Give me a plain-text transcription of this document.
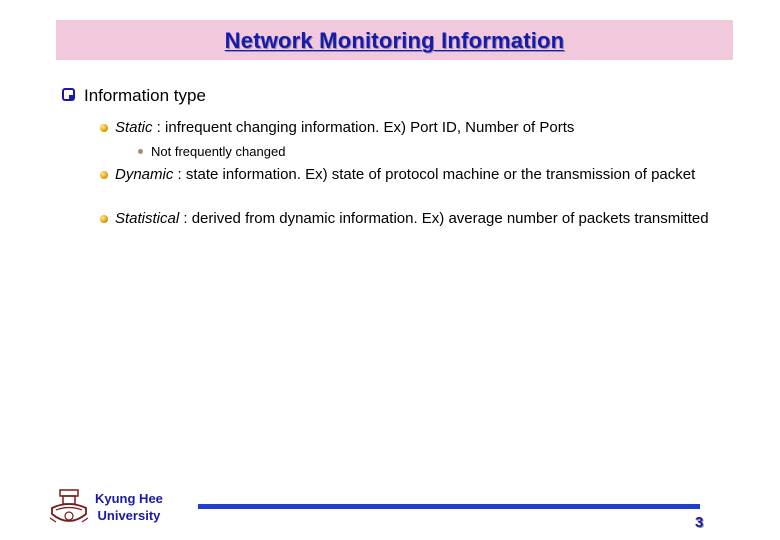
Network Monitoring Information
Information type
Static : infrequent changing information. Ex) Port ID, Number of Ports
Not frequently changed
Dynamic : state information. Ex) state of protocol machine or the transmission of packet
Statistical : derived from dynamic information. Ex) average number of packets transmitted
Kyung Hee
University	3
